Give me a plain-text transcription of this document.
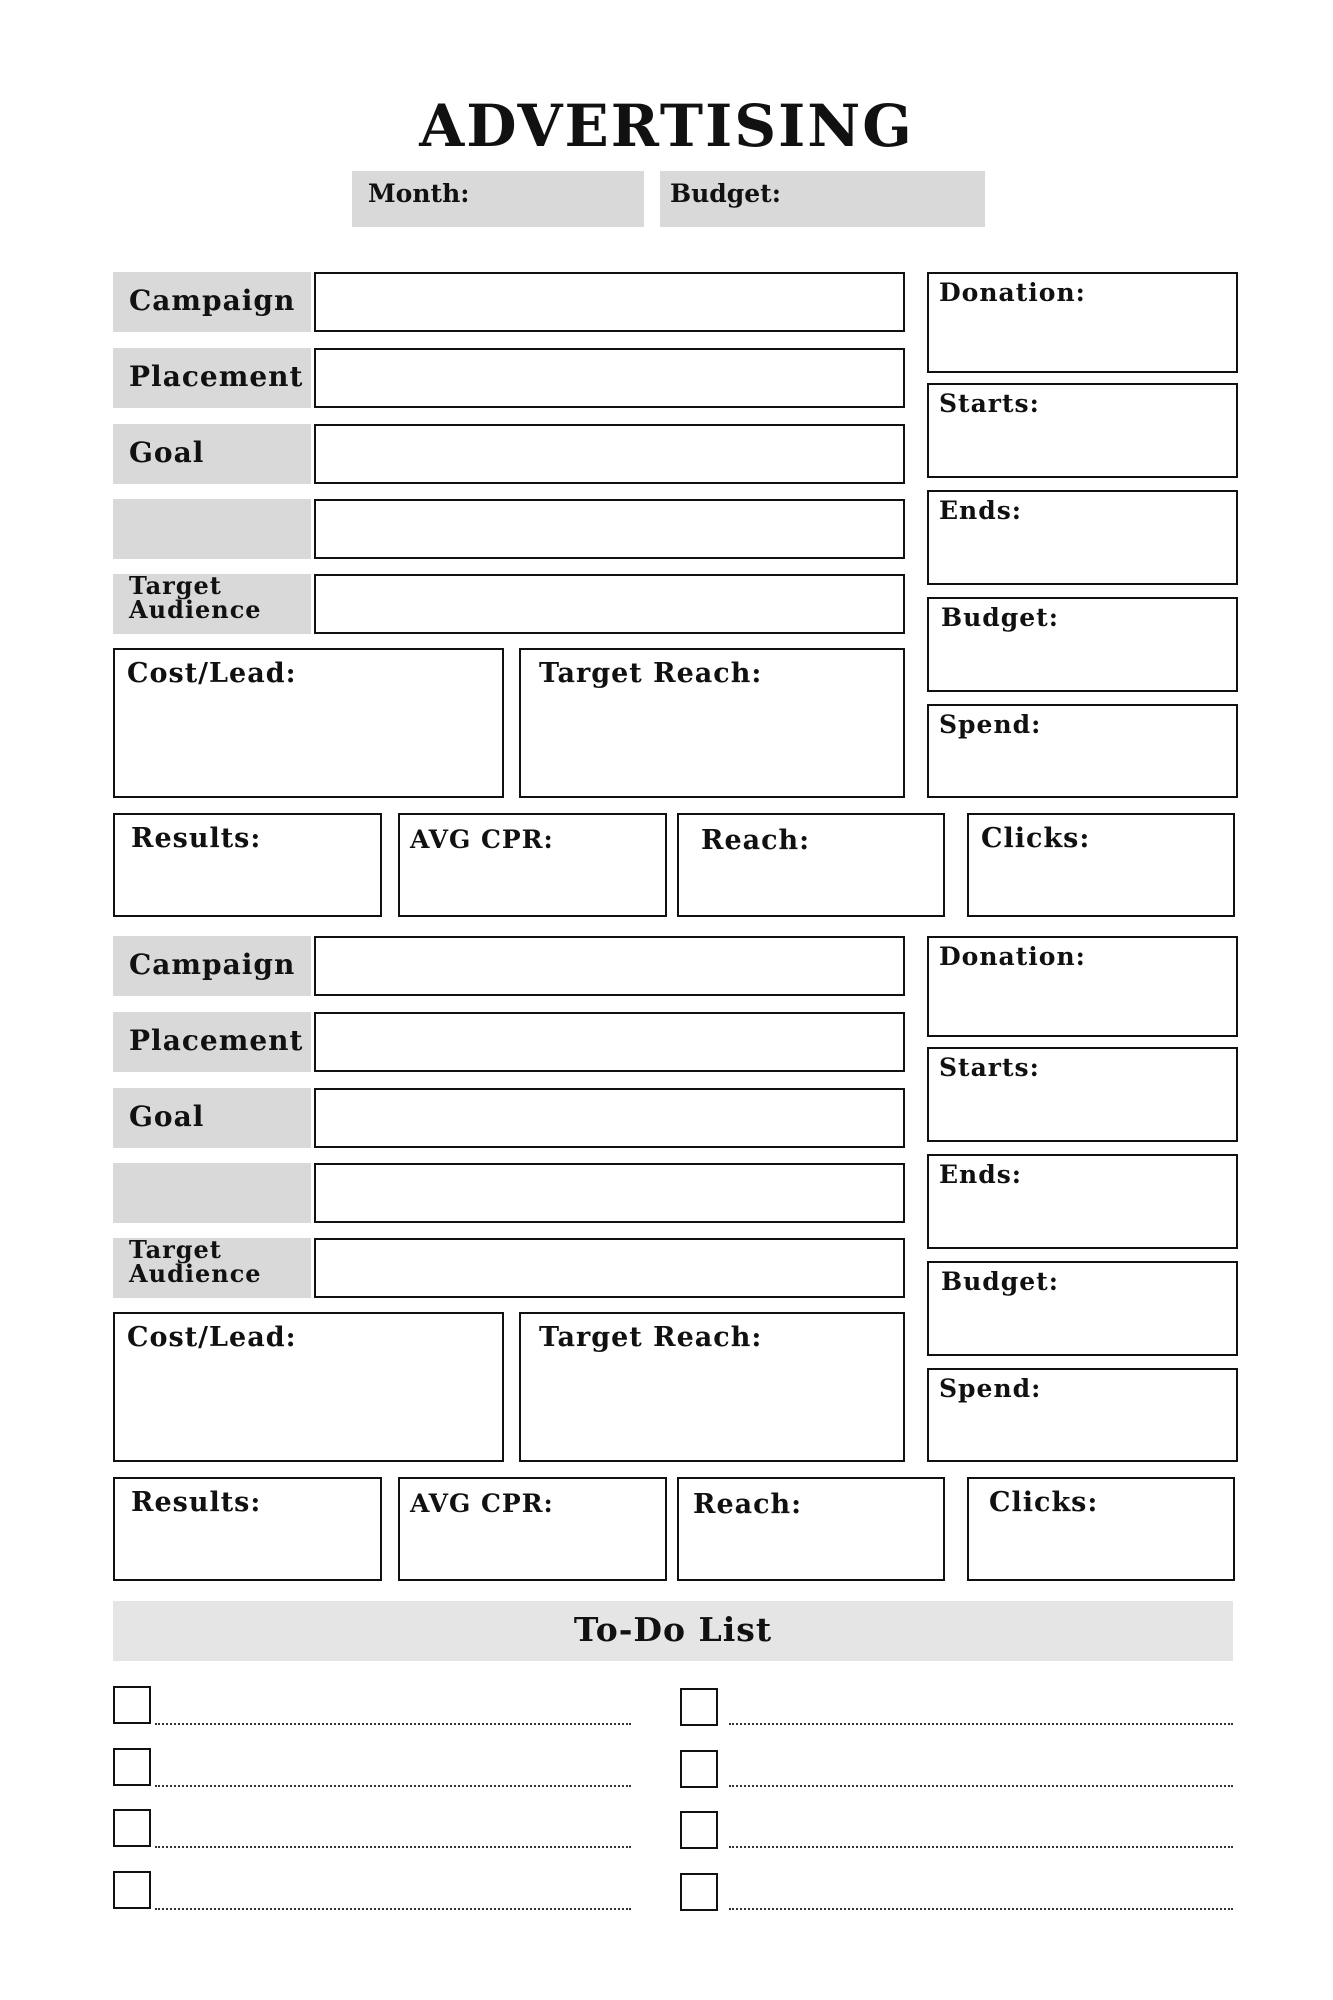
ADVERTISING
Month:	Budget:
Campaign
Placement
Goal
Target Audience
Cost/Lead:	Target Reach:
Donation:
Starts:
Ends:
Budget:
Spend:
Results:	AVG CPR:	Reach:	Clicks:
Campaign
Placement
Goal
Target Audience
Cost/Lead:	Target Reach:
Donation:
Starts:
Ends:
Budget:
Spend:
Results:	AVG CPR:	Reach:	Clicks:
To-Do List
